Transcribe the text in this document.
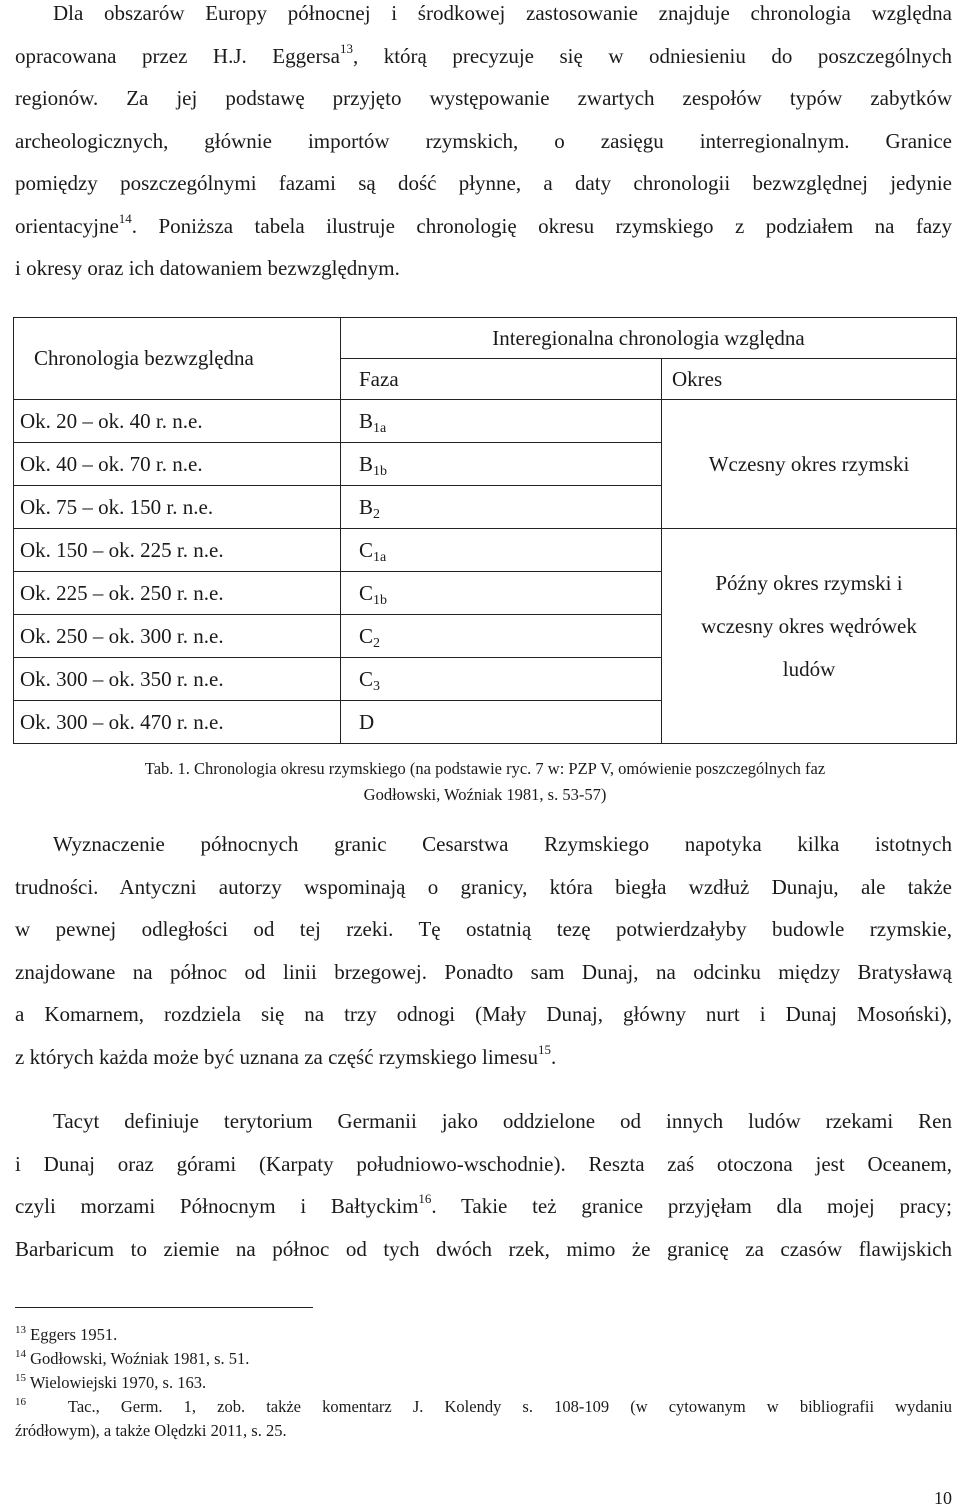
Dla obszarów Europy północnej i środkowej zastosowanie znajduje chronologia względna
opracowana przez H.J. Eggersa$^{13}$, którą precyzuje się w odniesieniu do poszczególnych
regionów. Za jej podstawę przyjęto występowanie zwartych zespołów typów zabytków
archeologicznych, głównie importów rzymskich, o zasięgu interregionalnym. Granice
pomiędzy poszczególnymi fazami są dość płynne, a daty chronologii bezwzględnej jedynie
orientacyjne$^{14}$. Poniższa tabela ilustruje chronologię okresu rzymskiego z podziałem na fazy
i okresy oraz ich datowaniem bezwzględnym.
Chronologia bezwzględna	Interegionalna chronologia względna	
	Faza	Okres
Ok. 20 – ok. 40 r. n.e.	$B_{1a}$	Wczesny okres rzymski
Ok. 40 – ok. 70 r. n.e.	$B_{1b}$
Ok. 75 – ok. 150 r. n.e.	$B_2$
Ok. 150 – ok. 225 r. n.e.	$C_{1a}$	Późny okres rzymski i
wczesny okres wędrówek
ludów
Ok. 225 – ok. 250 r. n.e.	$C_{1b}$
Ok. 250 – ok. 300 r. n.e.	$C_2$
Ok. 300 – ok. 350 r. n.e.	$C_3$
Ok. 300 – ok. 470 r. n.e.	D	
Tab. 1. Chronologia okresu rzymskiego (na podstawie ryc. 7 w: PZP V, omówienie poszczególnych faz
Godłowski, Woźniak 1981, s. 53-57)
Wyznaczenie północnych granic Cesarstwa Rzymskiego napotyka kilka istotnych
trudności. Antyczni autorzy wspominają o granicy, która biegła wzdłuż Dunaju, ale także
w pewnej odległości od tej rzeki. Tę ostatnią tezę potwierdzałyby budowle rzymskie,
znajdowane na północ od linii brzegowej. Ponadto sam Dunaj, na odcinku między Bratysławą
a Komarnem, rozdziela się na trzy odnogi (Mały Dunaj, główny nurt i Dunaj Mosoński),
z których każda może być uznana za część rzymskiego limesu$^{15}$.
Tacyt definiuje terytorium Germanii jako oddzielone od innych ludów rzekami Ren
i Dunaj oraz górami (Karpaty południowo-wschodnie). Reszta zaś otoczona jest Oceanem,
czyli morzami Północnym i Bałtyckim$^{16}$. Takie też granice przyjęłam dla mojej pracy;
Barbaricum to ziemie na północ od tych dwóch rzek, mimo że granicę za czasów flawijskich

$^{13}$ Eggers 1951.

$^{14}$ Godłowski, Woźniak 1981, s. 51.

$^{15}$ Wielowiejski 1970, s. 163.

$^{16}$	Tac., Germ. 1, zob. także komentarz J. Kolendy s. 108-109 (w cytowanym w bibliografii wydaniu

źródłowym), a także Olędzki 2011, s. 25.

10
